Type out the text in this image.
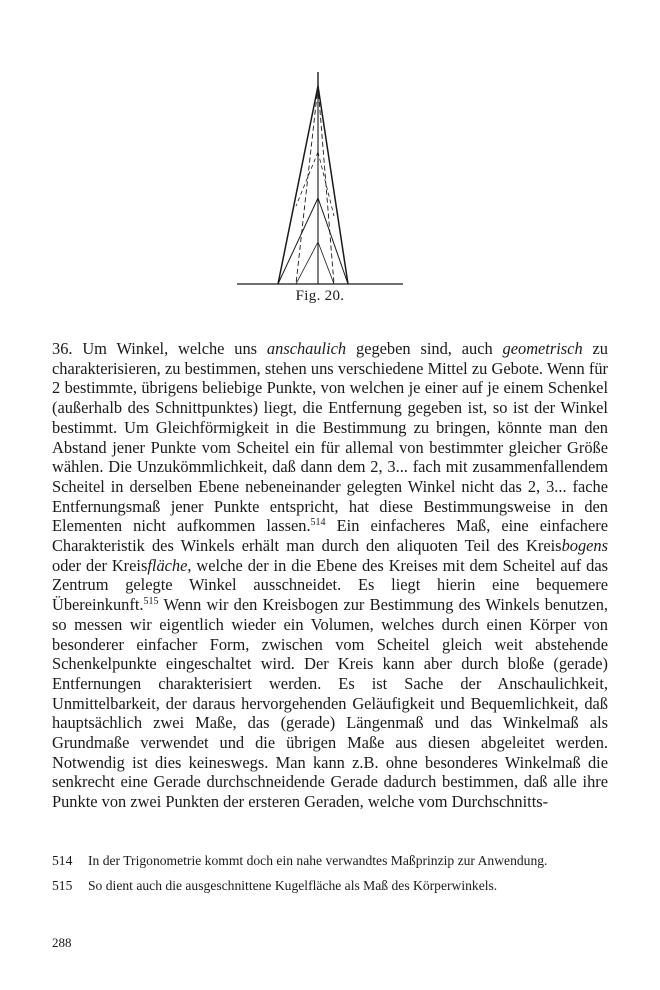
Fig. 20.

36. Um Winkel, welche uns anschaulich gegeben sind, auch geometrisch zu charakterisieren, zu bestimmen, stehen uns verschiedene Mittel zu Gebote. Wenn für 2 bestimmte, übrigens beliebige Punkte, von welchen je einer auf je einem Schenkel (außerhalb des Schnittpunktes) liegt, die Entfernung gegeben ist, so ist der Winkel bestimmt. Um Gleichförmigkeit in die Bestimmung zu bringen, könnte man den Abstand jener Punkte vom Scheitel ein für allemal von bestimmter gleicher Größe wählen. Die Unzukömmlichkeit, daß dann dem 2, 3... fach mit zusammenfallendem Scheitel in derselben Ebene nebeneinander gelegten Winkel nicht das 2, 3... fache Entfernungsmaß jener Punkte entspricht, hat diese Bestimmungsweise in den Elementen nicht aufkommen lassen.$^{514}$ Ein einfacheres Maß, eine einfachere Charakteristik des Winkels erhält man durch den aliquoten Teil des Kreisbogens oder der Kreisfläche, welche der in die Ebene des Kreises mit dem Scheitel auf das Zentrum gelegte Winkel ausschneidet. Es liegt hierin eine bequemere Übereinkunft.$^{515}$ Wenn wir den Kreisbogen zur Bestimmung des Winkels benutzen, so messen wir eigentlich wieder ein Volumen, welches durch einen Körper von besonderer einfacher Form, zwischen vom Scheitel gleich weit abstehende Schenkelpunkte eingeschaltet wird. Der Kreis kann aber durch bloße (gerade) Entfernungen charakterisiert werden. Es ist Sache der Anschaulichkeit, Unmittelbarkeit, der daraus hervorgehenden Geläufigkeit und Bequemlichkeit, daß hauptsächlich zwei Maße, das (gerade) Längenmaß und das Winkelmaß als Grundmaße verwendet und die übrigen Maße aus diesen abgeleitet werden. Notwendig ist dies keineswegs. Man kann z.B. ohne besonderes Winkelmaß die senkrecht eine Gerade durchschneidende Gerade dadurch bestimmen, daß alle ihre Punkte von zwei Punkten der ersteren Geraden, welche vom Durchschnitts-

514	In der Trigonometrie kommt doch ein nahe verwandtes Maßprinzip zur Anwendung.
515	So dient auch die ausgeschnittene Kugelfläche als Maß des Körperwinkels.
288
